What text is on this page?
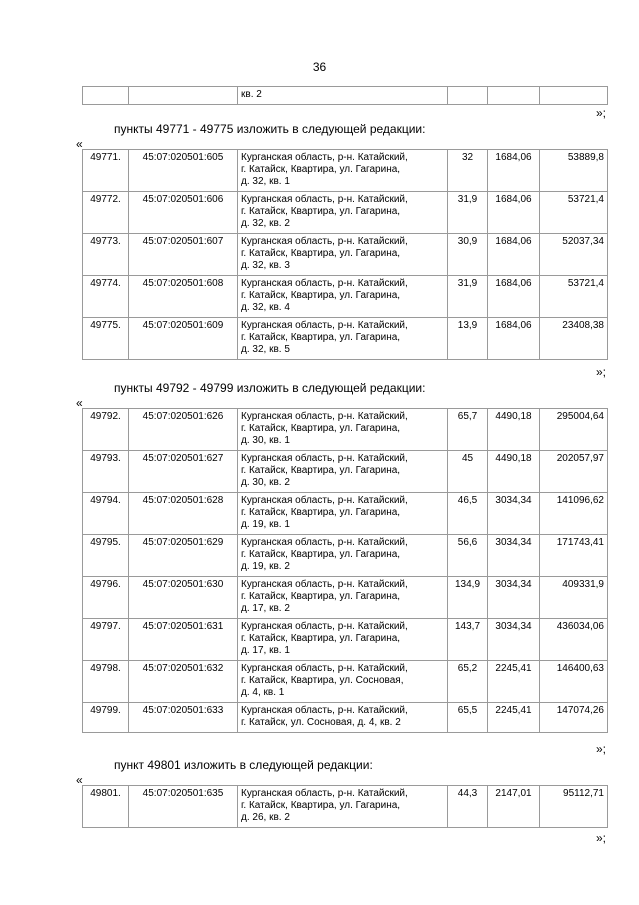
36
		кв. 2			
»;
пункты 49771 - 49775 изложить в следующей редакции:
«
49771.	45:07:020501:605	Курганская область, р-н. Катайский,
г. Катайск, Квартира, ул. Гагарина,
д. 32, кв. 1	32	1684,06	53889,8
49772.	45:07:020501:606	Курганская область, р-н. Катайский,
г. Катайск, Квартира, ул. Гагарина,
д. 32, кв. 2	31,9	1684,06	53721,4
49773.	45:07:020501:607	Курганская область, р-н. Катайский,
г. Катайск, Квартира, ул. Гагарина,
д. 32, кв. 3	30,9	1684,06	52037,34
49774.	45:07:020501:608	Курганская область, р-н. Катайский,
г. Катайск, Квартира, ул. Гагарина,
д. 32, кв. 4	31,9	1684,06	53721,4
49775.	45:07:020501:609	Курганская область, р-н. Катайский,
г. Катайск, Квартира, ул. Гагарина,
д. 32, кв. 5	13,9	1684,06	23408,38
»;
пункты 49792 - 49799 изложить в следующей редакции:
«
49792.	45:07:020501:626	Курганская область, р-н. Катайский,
г. Катайск, Квартира, ул. Гагарина,
д. 30, кв. 1	65,7	4490,18	295004,64
49793.	45:07:020501:627	Курганская область, р-н. Катайский,
г. Катайск, Квартира, ул. Гагарина,
д. 30, кв. 2	45	4490,18	202057,97
49794.	45:07:020501:628	Курганская область, р-н. Катайский,
г. Катайск, Квартира, ул. Гагарина,
д. 19, кв. 1	46,5	3034,34	141096,62
49795.	45:07:020501:629	Курганская область, р-н. Катайский,
г. Катайск, Квартира, ул. Гагарина,
д. 19, кв. 2	56,6	3034,34	171743,41
49796.	45:07:020501:630	Курганская область, р-н. Катайский,
г. Катайск, Квартира, ул. Гагарина,
д. 17, кв. 2	134,9	3034,34	409331,9
49797.	45:07:020501:631	Курганская область, р-н. Катайский,
г. Катайск, Квартира, ул. Гагарина,
д. 17, кв. 1	143,7	3034,34	436034,06
49798.	45:07:020501:632	Курганская область, р-н. Катайский,
г. Катайск, Квартира, ул. Сосновая,
д. 4, кв. 1	65,2	2245,41	146400,63
49799.	45:07:020501:633	Курганская область, р-н. Катайский,
г. Катайск, ул. Сосновая, д. 4, кв. 2	65,5	2245,41	147074,26
»;
пункт 49801 изложить в следующей редакции:
«
49801.	45:07:020501:635	Курганская область, р-н. Катайский,
г. Катайск, Квартира, ул. Гагарина,
д. 26, кв. 2	44,3	2147,01	95112,71
»;
